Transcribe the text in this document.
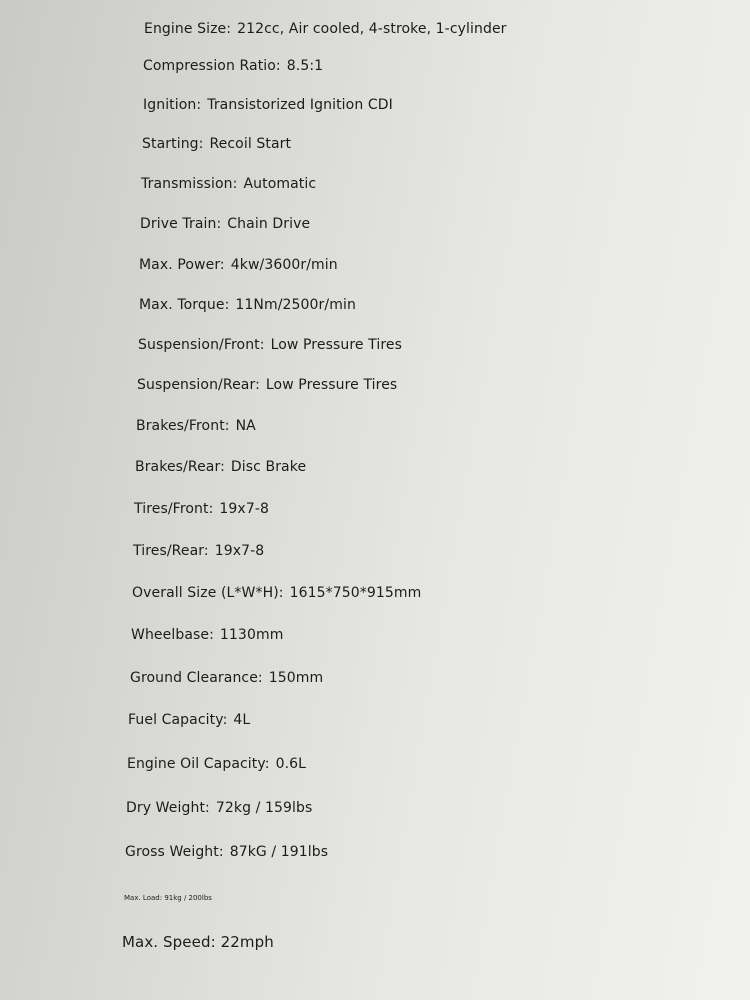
Engine Size: 212cc, Air cooled, 4-stroke, 1-cylinder
Compression Ratio: 8.5:1
Ignition: Transistorized Ignition CDI
Starting: Recoil Start
Transmission: Automatic
Drive Train: Chain Drive
Max. Power: 4kw/3600r/min
Max. Torque: 11Nm/2500r/min
Suspension/Front: Low Pressure Tires
Suspension/Rear: Low Pressure Tires
Brakes/Front: NA
Brakes/Rear: Disc Brake
Tires/Front: 19x7-8
Tires/Rear: 19x7-8
Overall Size (L*W*H): 1615*750*915mm
Wheelbase: 1130mm
Ground Clearance: 150mm
Fuel Capacity: 4L
Engine Oil Capacity: 0.6L
Dry Weight: 72kg / 159lbs
Gross Weight: 87kG / 191lbs
Max. Load: 91kg / 200lbs
Max. Speed: 22mph
